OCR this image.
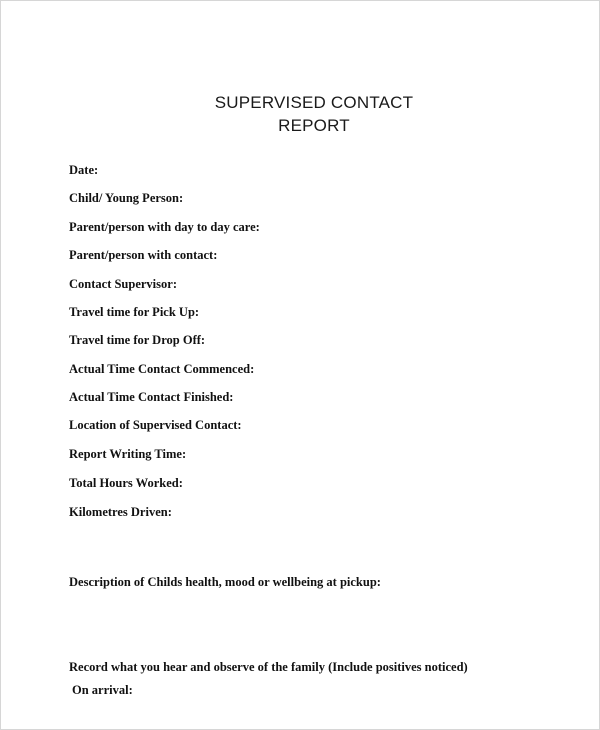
SUPERVISED CONTACT
REPORT
Date:
Child/ Young Person:
Parent/person with day to day care:
Parent/person with contact:
Contact Supervisor:
Travel time for Pick Up:
Travel time for Drop Off:
Actual Time Contact Commenced:
Actual Time Contact Finished:
Location of Supervised Contact:
Report Writing Time:
Total Hours Worked:
Kilometres Driven:
Description of Childs health, mood or wellbeing at pickup:
Record what you hear and observe of the family (Include positives noticed)
On arrival:
